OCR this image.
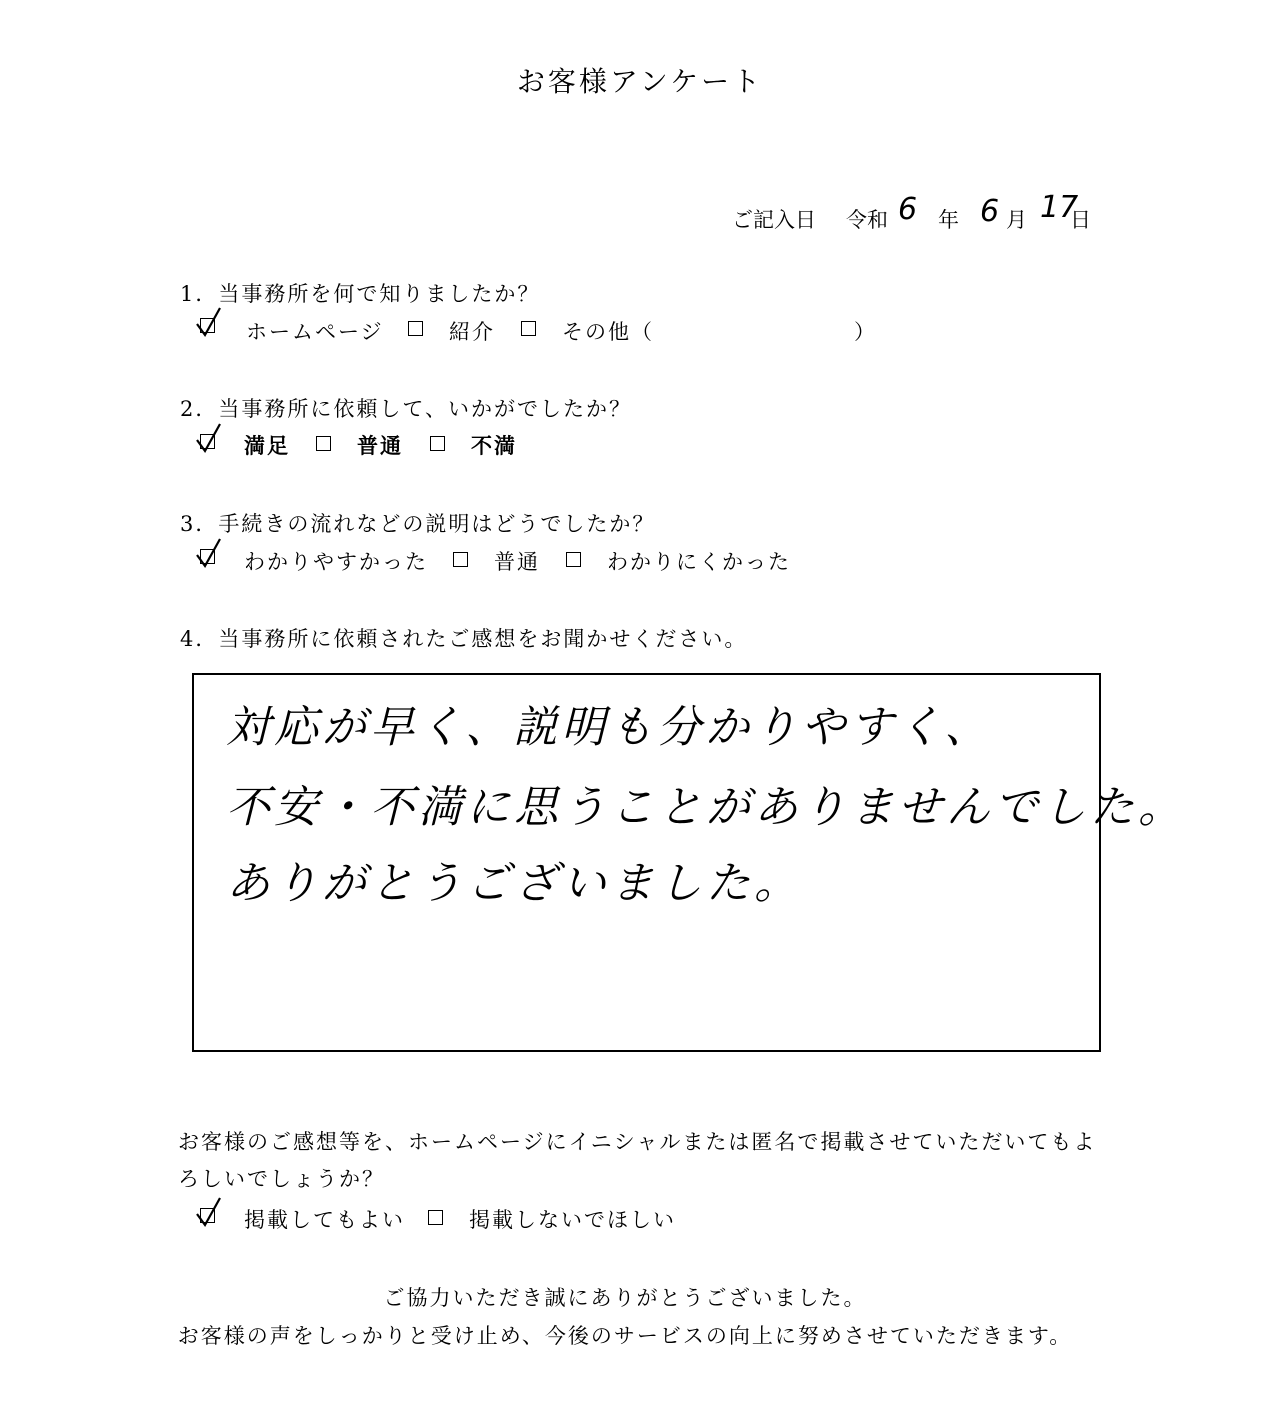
お客様アンケート
ご記入日 令和 6 年 6 月 17
日
1．当事務所を何で知りましたか？
ホームページ	紹介	その他（	）
2．当事務所に依頼して、いかがでしたか？
満足	普通	不満
3．手続きの流れなどの説明はどうでしたか？
わかりやすかった	普通	わかりにくかった
4．当事務所に依頼されたご感想をお聞かせください。
対応が早く、説明も分かりやすく、
不安・不満に思うことがありませんでした。
ありがとうございました。
お客様のご感想等を、ホームページにイニシャルまたは匿名で掲載させていただいてもよ
ろしいでしょうか？
掲載してもよい	掲載しないでほしい
ご協力いただき誠にありがとうございました。
お客様の声をしっかりと受け止め、今後のサービスの向上に努めさせていただきます。
